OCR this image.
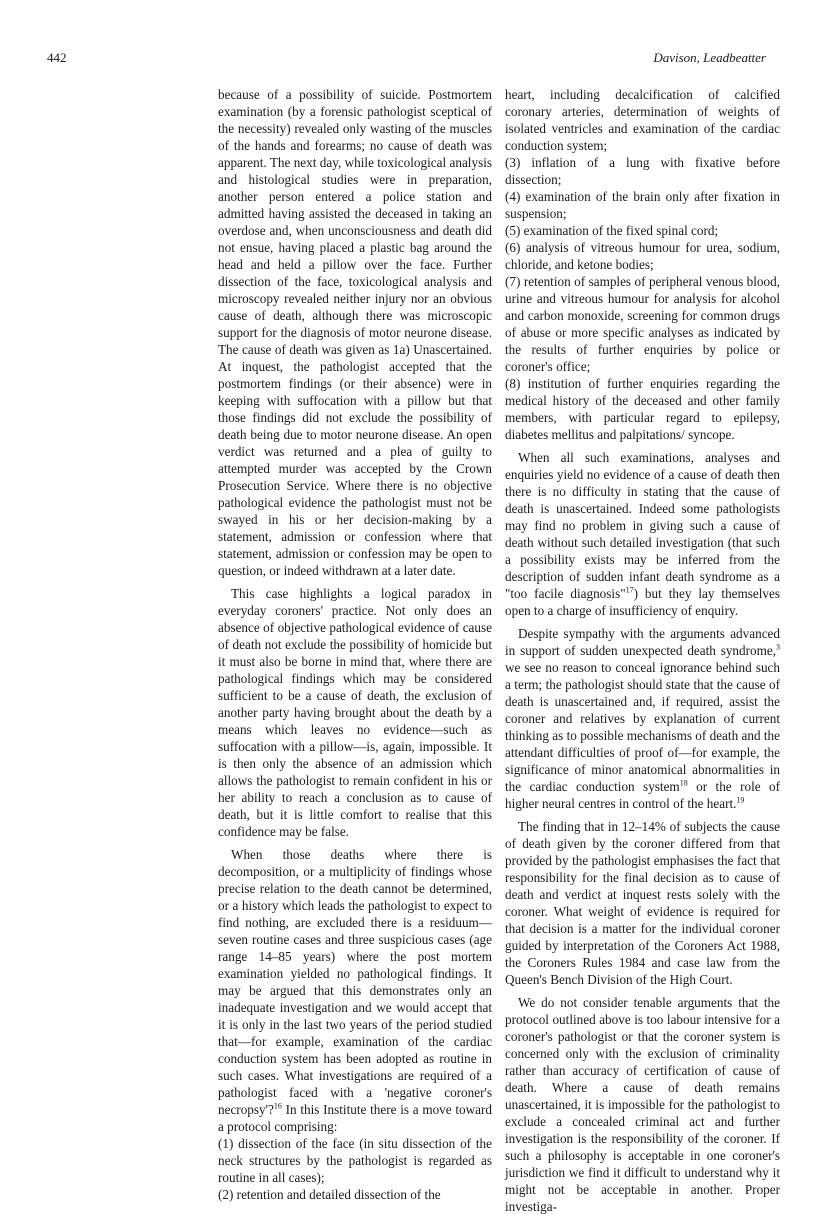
442	Davison, Leadbeatter

because of a possibility of suicide. Postmortem examination (by a forensic pathologist sceptical of the necessity) revealed only wasting of the muscles of the hands and forearms; no cause of death was apparent. The next day, while toxicological analysis and histological studies were in preparation, another person entered a police station and admitted having assisted the deceased in taking an overdose and, when unconsciousness and death did not ensue, having placed a plastic bag around the head and held a pillow over the face. Further dissection of the face, toxicological analysis and microscopy revealed neither injury nor an obvious cause of death, although there was microscopic support for the diagnosis of motor neurone disease. The cause of death was given as 1a) Unascertained. At inquest, the pathologist accepted that the postmortem findings (or their absence) were in keeping with suffocation with a pillow but that those findings did not exclude the possibility of death being due to motor neurone disease. An open verdict was returned and a plea of guilty to attempted murder was accepted by the Crown Prosecution Service. Where there is no objective pathological evidence the pathologist must not be swayed in his or her decision-making by a statement, admission or confession where that statement, admission or confession may be open to question, or indeed withdrawn at a later date.

This case highlights a logical paradox in everyday coroners' practice. Not only does an absence of objective pathological evidence of cause of death not exclude the possibility of homicide but it must also be borne in mind that, where there are pathological findings which may be considered sufficient to be a cause of death, the exclusion of another party having brought about the death by a means which leaves no evidence—such as suffocation with a pillow—is, again, impossible. It is then only the absence of an admission which allows the pathologist to remain confident in his or her ability to reach a conclusion as to cause of death, but it is little comfort to realise that this confidence may be false.

When those deaths where there is decomposition, or a multiplicity of findings whose precise relation to the death cannot be determined, or a history which leads the pathologist to expect to find nothing, are excluded there is a residuum—seven routine cases and three suspicious cases (age range 14–85 years) where the post mortem examination yielded no pathological findings. It may be argued that this demonstrates only an inadequate investigation and we would accept that it is only in the last two years of the period studied that—for example, examination of the cardiac conduction system has been adopted as routine in such cases. What investigations are required of a pathologist faced with a 'negative coroner's necropsy'?$^{16}$ In this Institute there is a move toward a protocol comprising:

(1) dissection of the face (in situ dissection of the neck structures by the pathologist is regarded as routine in all cases);

(2) retention and detailed dissection of the

heart, including decalcification of calcified coronary arteries, determination of weights of isolated ventricles and examination of the cardiac conduction system;

(3) inflation of a lung with fixative before dissection;

(4) examination of the brain only after fixation in suspension;

(5) examination of the fixed spinal cord;

(6) analysis of vitreous humour for urea, sodium, chloride, and ketone bodies;

(7) retention of samples of peripheral venous blood, urine and vitreous humour for analysis for alcohol and carbon monoxide, screening for common drugs of abuse or more specific analyses as indicated by the results of further enquiries by police or coroner's office;

(8) institution of further enquiries regarding the medical history of the deceased and other family members, with particular regard to epilepsy, diabetes mellitus and palpitations/ syncope.

When all such examinations, analyses and enquiries yield no evidence of a cause of death then there is no difficulty in stating that the cause of death is unascertained. Indeed some pathologists may find no problem in giving such a cause of death without such detailed investigation (that such a possibility exists may be inferred from the description of sudden infant death syndrome as a "too facile diagnosis"$^{17}$) but they lay themselves open to a charge of insufficiency of enquiry.

Despite sympathy with the arguments advanced in support of sudden unexpected death syndrome,$^3$ we see no reason to conceal ignorance behind such a term; the pathologist should state that the cause of death is unascertained and, if required, assist the coroner and relatives by explanation of current thinking as to possible mechanisms of death and the attendant difficulties of proof of—for example, the significance of minor anatomical abnormalities in the cardiac conduction system$^{18}$ or the role of higher neural centres in control of the heart.$^{19}$

The finding that in 12–14% of subjects the cause of death given by the coroner differed from that provided by the pathologist emphasises the fact that responsibility for the final decision as to cause of death and verdict at inquest rests solely with the coroner. What weight of evidence is required for that decision is a matter for the individual coroner guided by interpretation of the Coroners Act 1988, the Coroners Rules 1984 and case law from the Queen's Bench Division of the High Court.

We do not consider tenable arguments that the protocol outlined above is too labour intensive for a coroner's pathologist or that the coroner system is concerned only with the exclusion of criminality rather than accuracy of certification of cause of death. Where a cause of death remains unascertained, it is impossible for the pathologist to exclude a concealed criminal act and further investigation is the responsibility of the coroner. If such a philosophy is acceptable in one coroner's jurisdiction we find it difficult to understand why it might not be acceptable in another. Proper investiga-
